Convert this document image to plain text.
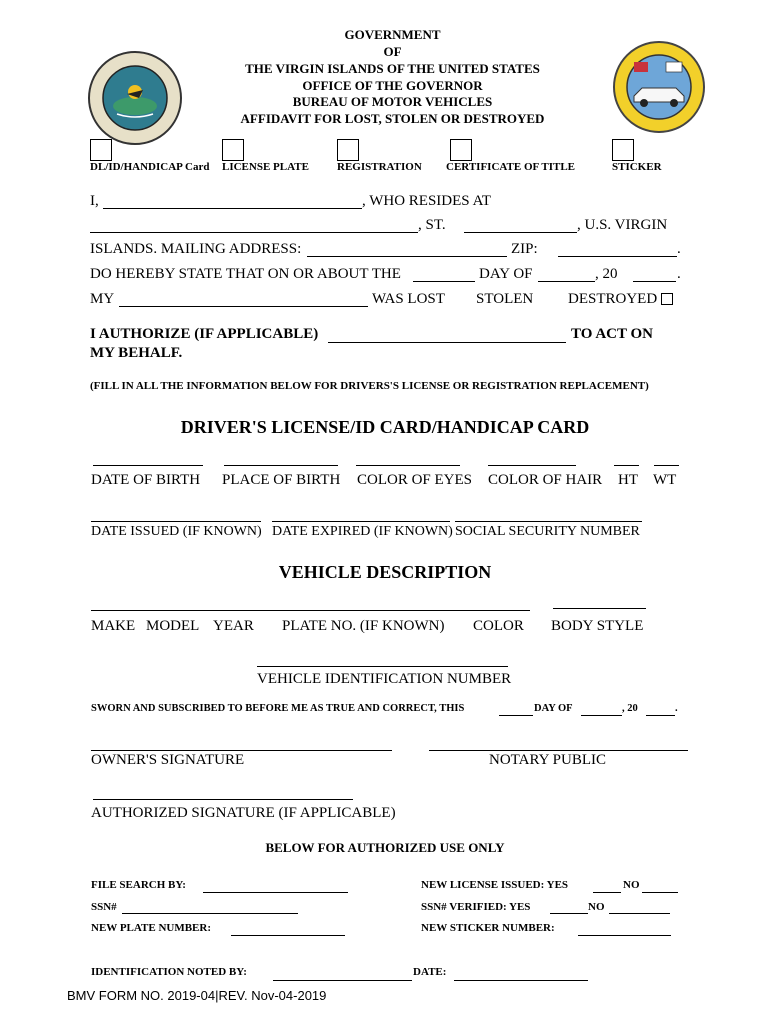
GOVERNMENT
OF
THE VIRGIN ISLANDS OF THE UNITED STATES
OFFICE OF THE GOVERNOR
BUREAU OF MOTOR VEHICLES
AFFIDAVIT FOR LOST, STOLEN OR DESTROYED
DL/ID/HANDICAP Card LICENSE PLATE	REGISTRATION CERTIFICATE OF TITLE	STICKER
I,	, WHO RESIDES AT
, ST.	, U.S. VIRGIN
ISLANDS. MAILING ADDRESS:	ZIP:	.
DO HEREBY STATE THAT ON OR ABOUT THE	DAY OF	, 20	.
MY	WAS LOST STOLEN DESTROYED
I AUTHORIZE (IF APPLICABLE)	TO ACT ON
MY BEHALF.
(FILL IN ALL THE INFORMATION BELOW FOR DRIVERS'S LICENSE OR REGISTRATION REPLACEMENT)
DRIVER'S LICENSE/ID CARD/HANDICAP CARD
DATE OF BIRTH PLACE OF BIRTH COLOR OF EYES COLOR OF HAIR HT WT
DATE ISSUED (IF KNOWN) DATE EXPIRED (IF KNOWN) SOCIAL SECURITY NUMBER
VEHICLE DESCRIPTION
MAKE MODEL YEAR PLATE NO. (IF KNOWN) COLOR BODY STYLE
VEHICLE IDENTIFICATION NUMBER
SWORN AND SUBSCRIBED TO BEFORE ME AS TRUE AND CORRECT, THIS	DAY OF	, 20	.
OWNER'S SIGNATURE	NOTARY PUBLIC
AUTHORIZED SIGNATURE (IF APPLICABLE)
BELOW FOR AUTHORIZED USE ONLY
FILE SEARCH BY:	NEW LICENSE ISSUED: YES	NO
SSN#	SSN# VERIFIED: YES	NO
NEW PLATE NUMBER:	NEW STICKER NUMBER:
IDENTIFICATION NOTED BY:	DATE:
BMV FORM NO. 2019-04|REV. Nov-04-2019
